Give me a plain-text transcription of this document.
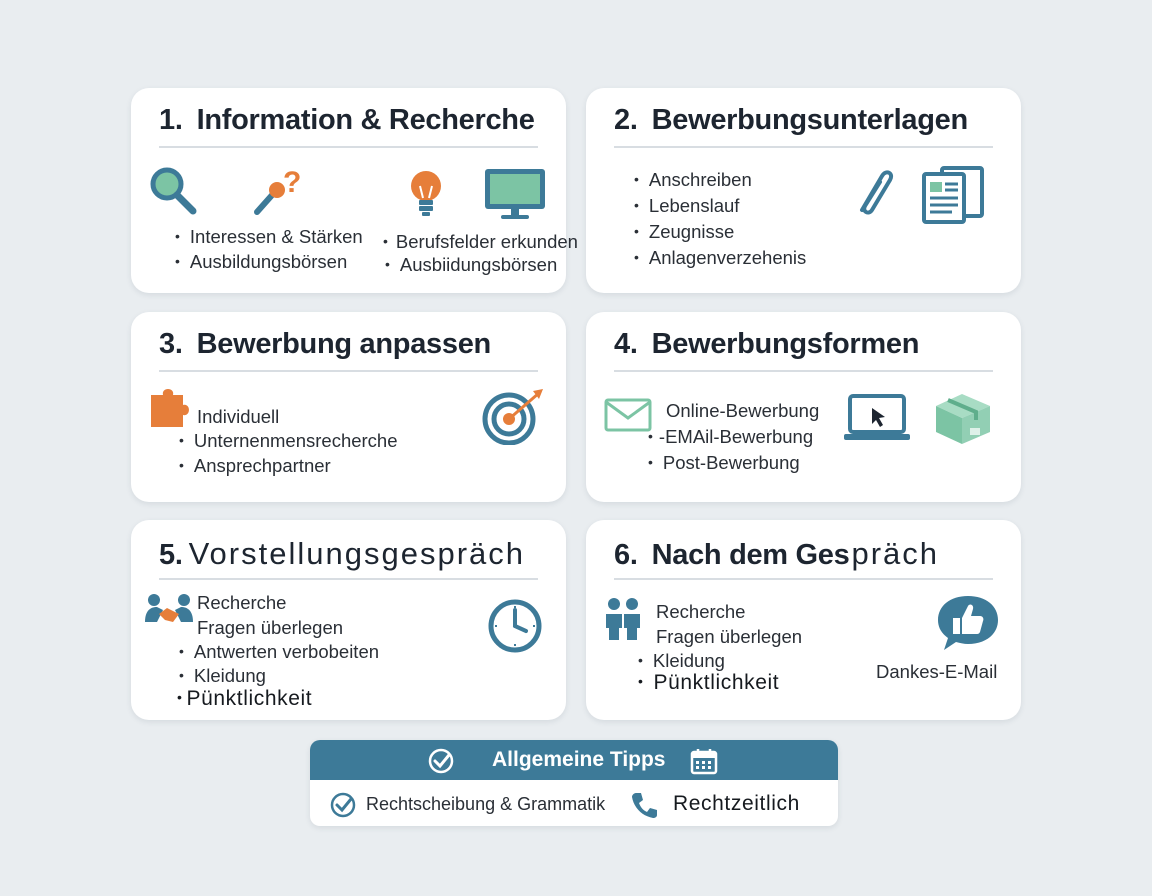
1. Information & Recherche
?
• Interessen & Stärken
• Ausbildungsbörsen
• Berufsfelder erkunden
• Ausbiidungsbörsen
2. Bewerbungsunterlagen
• Anschreiben
• Lebenslauf
• Zeugnisse
• Anlagenverzehenis
3. Bewerbung anpassen
Individuell
• Unternenmensrecherche
• Ansprechpartner
4. Bewerbungsformen
Online-Bewerbung
• -EMAil-Bewerbung
• Post-Bewerbung
5. Vorstellungsgespräch
Recherche
Fragen überlegen
• Antwerten verbobeiten
• Kleidung
• Pünktlichkeit
6. Nach dem Gespräch
Recherche
Fragen überlegen
• Kleidung
• Pünktlichkeit	Dankes-E-Mail
Allgemeine Tipps
Rechtscheibung & Grammatik	Rechtzeitlich
